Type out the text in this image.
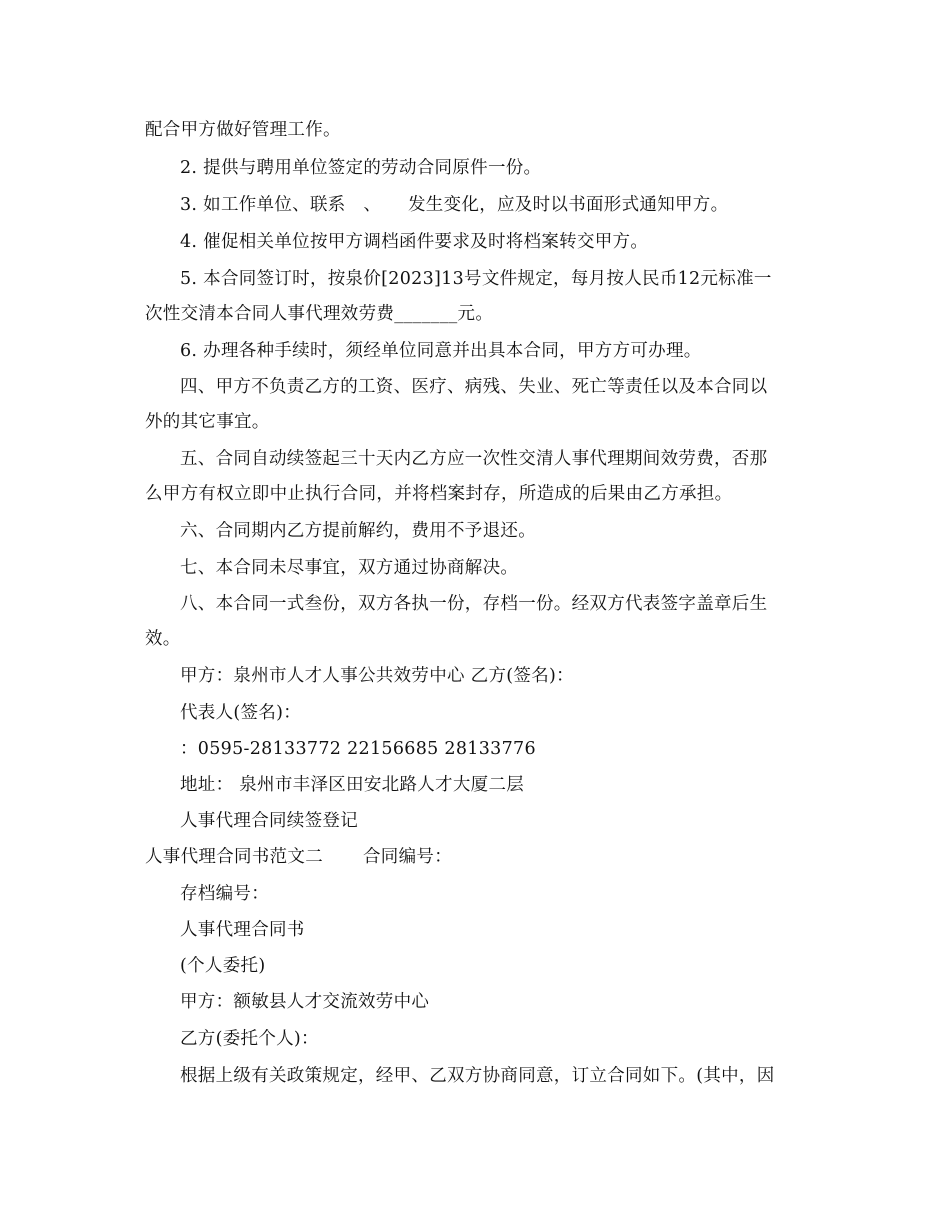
配合甲方做好管理工作。
2. 提供与聘用单位签定的劳动合同原件一份。
3. 如工作单位、联系　、　　发生变化，应及时以书面形式通知甲方。
4. 催促相关单位按甲方调档函件要求及时将档案转交甲方。
5. 本合同签订时，按泉价[2023]13号文件规定，每月按人民币12元标准一
次性交清本合同人事代理效劳费_______元。
6. 办理各种手续时，须经单位同意并出具本合同，甲方方可办理。
四、甲方不负责乙方的工资、医疗、病残、失业、死亡等责任以及本合同以
外的其它事宜。
五、合同自动续签起三十天内乙方应一次性交清人事代理期间效劳费，否那
么甲方有权立即中止执行合同，并将档案封存，所造成的后果由乙方承担。
六、合同期内乙方提前解约，费用不予退还。
七、本合同未尽事宜，双方通过协商解决。
八、本合同一式叁份，双方各执一份，存档一份。经双方代表签字盖章后生
效。
甲方：泉州市人才人事公共效劳中心 乙方(签名)：
代表人(签名)：
：0595-28133772 22156685 28133776
地址： 泉州市丰泽区田安北路人才大厦二层
人事代理合同续签登记
人事代理合同书范文二 合同编号：
存档编号：
人事代理合同书
(个人委托)
甲方：额敏县人才交流效劳中心
乙方(委托个人)：
根据上级有关政策规定，经甲、乙双方协商同意，订立合同如下。(其中，因
